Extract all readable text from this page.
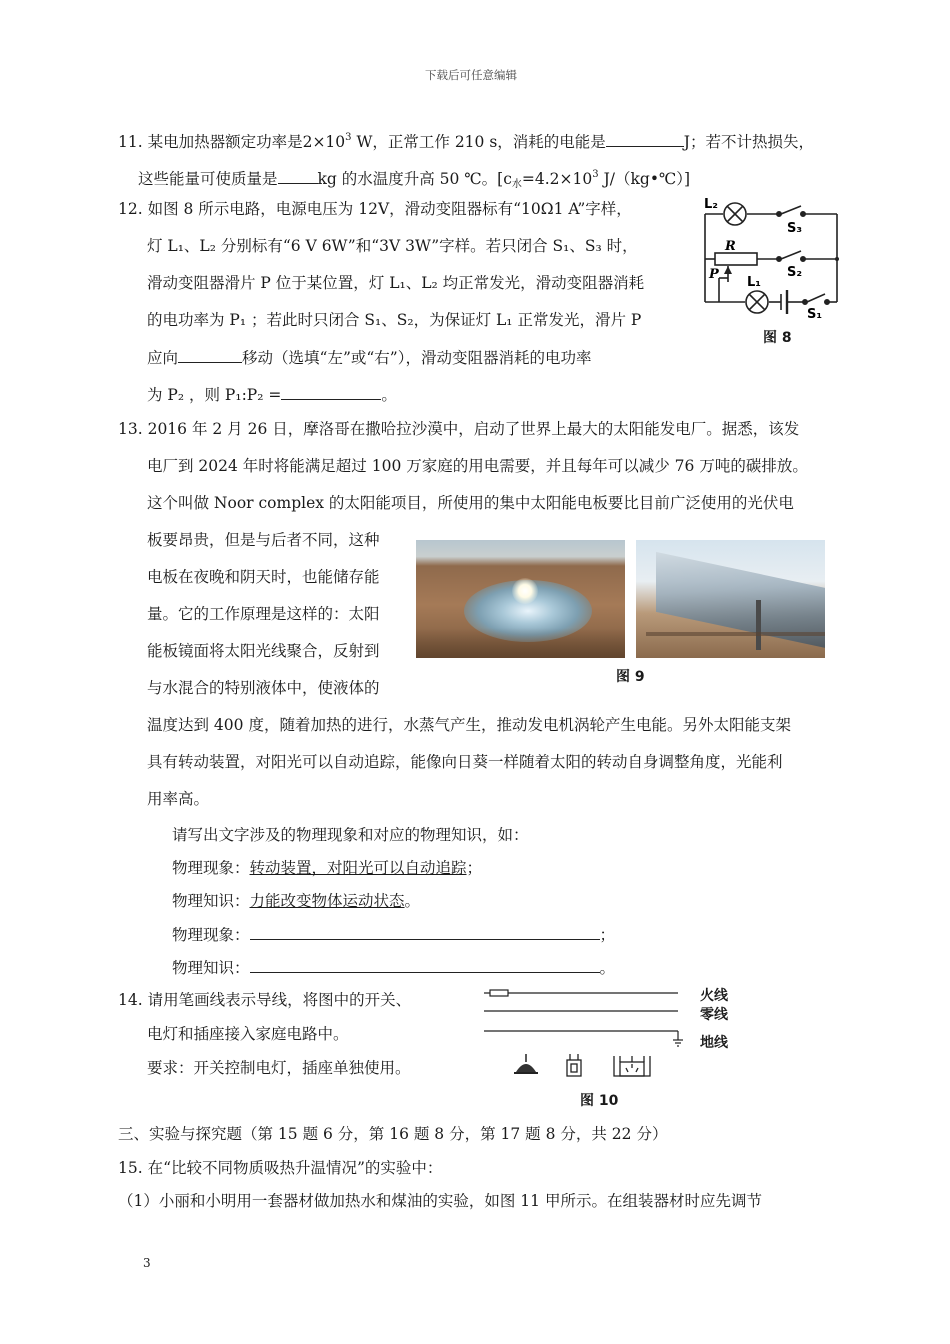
下载后可任意编辑
11. 某电加热器额定功率是$2\times 10^3$ W，正常工作 210 s，消耗的电能是	J；若不计热损失，
这些能量可使质量是	kg 的水温度升高 50 ℃。[$c_水=4.2\times 10^3$ J/（kg•℃）]
12. 如图 8 所示电路，电源电压为 12V，滑动变阻器标有“10Ω1 A”字样，
灯 L₁、L₂ 分别标有“6 V 6W”和“3V 3W”字样。若只闭合 S₁、S₃ 时，
滑动变阻器滑片 P 位于某位置，灯 L₁、L₂ 均正常发光，滑动变阻器消耗
的电功率为 P₁ ；若此时只闭合 S₁、S₂，为保证灯 L₁ 正常发光，滑片 P
应向	移动（选填“左”或“右”），滑动变阻器消耗的电功率
为 P₂ ，则 P₁:P₂ =	。
L₂
S₃
R
P	S₂
L₁
S₁
图 8
13. 2016 年 2 月 26 日，摩洛哥在撒哈拉沙漠中，启动了世界上最大的太阳能发电厂。据悉，该发
电厂到 2024 年时将能满足超过 100 万家庭的用电需要，并且每年可以减少 76 万吨的碳排放。
这个叫做 Noor complex 的太阳能项目，所使用的集中太阳能电板要比目前广泛使用的光伏电
板要昂贵，但是与后者不同，这种
电板在夜晚和阴天时，也能储存能
量。它的工作原理是这样的：太阳
能板镜面将太阳光线聚合，反射到
与水混合的特别液体中，使液体的
图 9
温度达到 400 度，随着加热的进行，水蒸气产生，推动发电机涡轮产生电能。另外太阳能支架
具有转动装置，对阳光可以自动追踪，能像向日葵一样随着太阳的转动自身调整角度，光能利
用率高。
请写出文字涉及的物理现象和对应的物理知识，如：
物理现象：转动装置，对阳光可以自动追踪；
物理知识：力能改变物体运动状态。
物理现象：	；
物理知识：	。
14. 请用笔画线表示导线，将图中的开关、
电灯和插座接入家庭电路中。
要求：开关控制电灯，插座单独使用。
火线
零线
地线
图 10
三、实验与探究题（第 15 题 6 分，第 16 题 8 分，第 17 题 8 分，共 22 分）
15. 在“比较不同物质吸热升温情况”的实验中：
（1）小丽和小明用一套器材做加热水和煤油的实验，如图 11 甲所示。在组装器材时应先调节
3
